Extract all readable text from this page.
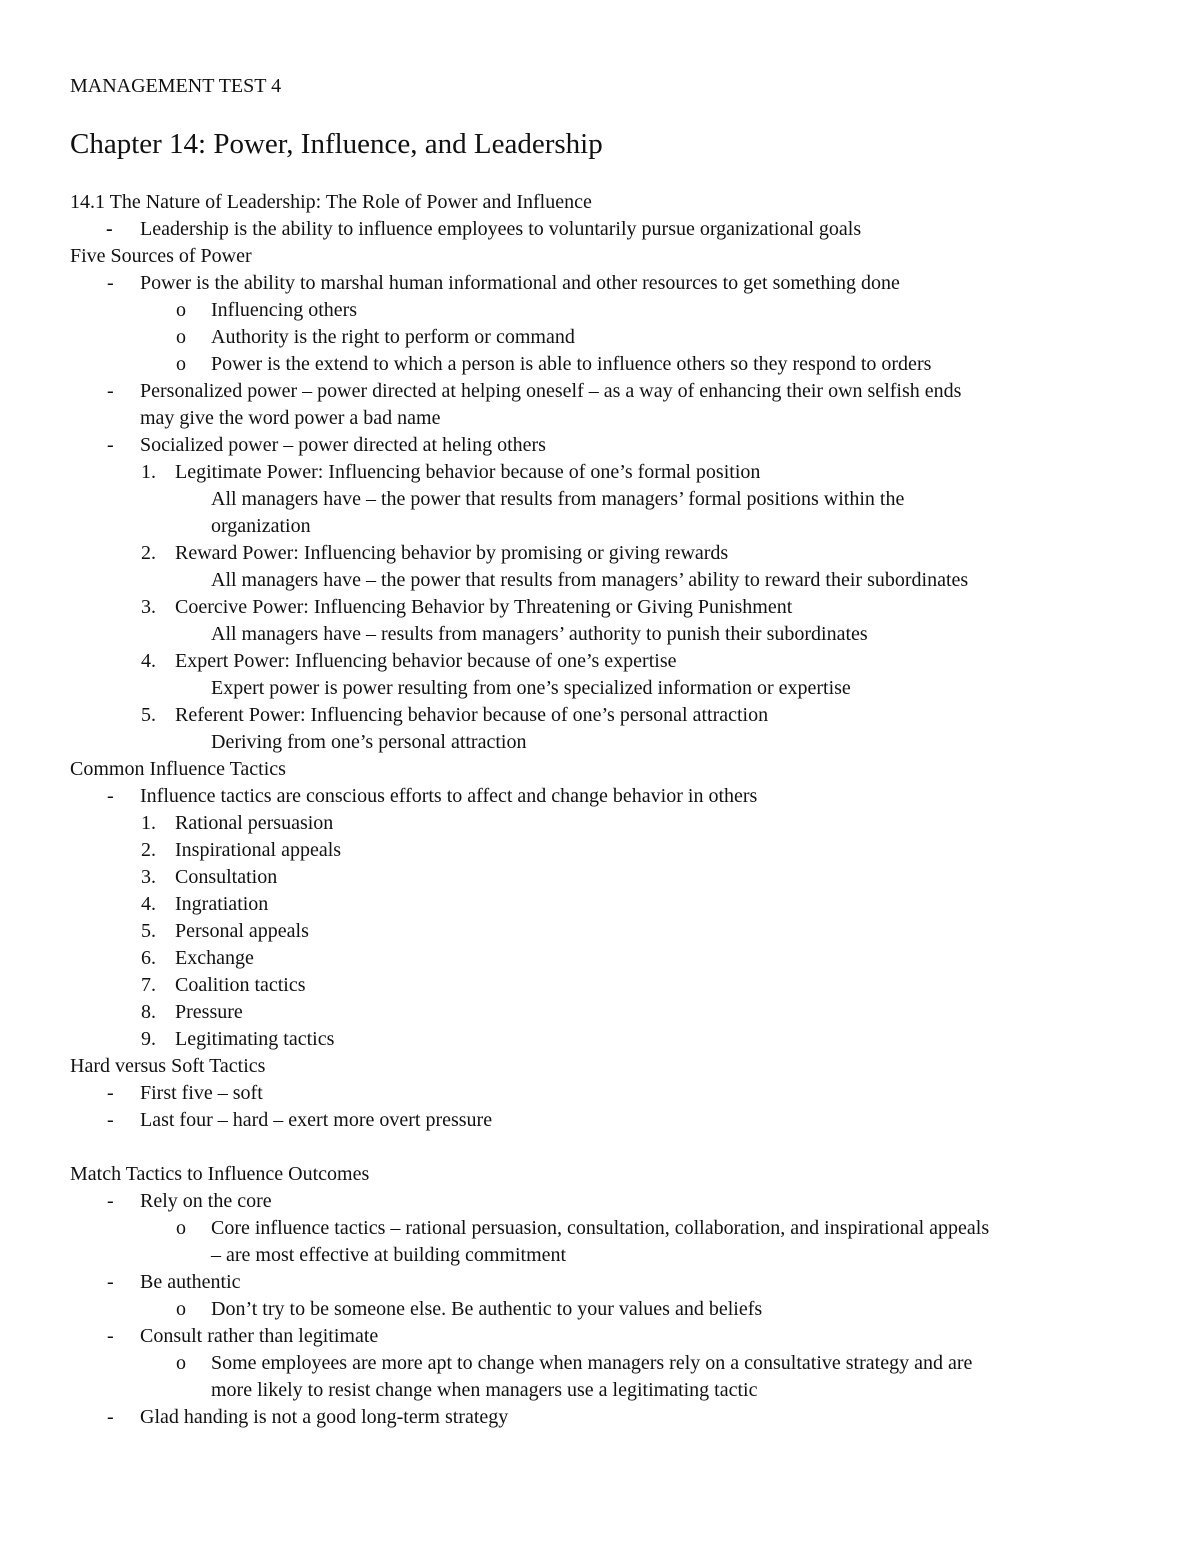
MANAGEMENT TEST 4
Chapter 14: Power, Influence, and Leadership
14.1 The Nature of Leadership: The Role of Power and Influence
- Leadership is the ability to influence employees to voluntarily pursue organizational goals
Five Sources of Power
- Power is the ability to marshal human informational and other resources to get something done
o Influencing others
o Authority is the right to perform or command
o Power is the extend to which a person is able to influence others so they respond to orders
- Personalized power – power directed at helping oneself – as a way of enhancing their own selfish ends
may give the word power a bad name
- Socialized power – power directed at heling others
1. Legitimate Power: Influencing behavior because of one’s formal position
All managers have – the power that results from managers’ formal positions within the
organization
2. Reward Power: Influencing behavior by promising or giving rewards
All managers have – the power that results from managers’ ability to reward their subordinates
3. Coercive Power: Influencing Behavior by Threatening or Giving Punishment
All managers have – results from managers’ authority to punish their subordinates
4. Expert Power: Influencing behavior because of one’s expertise
Expert power is power resulting from one’s specialized information or expertise
5. Referent Power: Influencing behavior because of one’s personal attraction
Deriving from one’s personal attraction
Common Influence Tactics
- Influence tactics are conscious efforts to affect and change behavior in others
1. Rational persuasion
2. Inspirational appeals
3. Consultation
4. Ingratiation
5. Personal appeals
6. Exchange
7. Coalition tactics
8. Pressure
9. Legitimating tactics
Hard versus Soft Tactics
- First five – soft
- Last four – hard – exert more overt pressure
Match Tactics to Influence Outcomes
- Rely on the core
o Core influence tactics – rational persuasion, consultation, collaboration, and inspirational appeals
– are most effective at building commitment
- Be authentic
o Don’t try to be someone else. Be authentic to your values and beliefs
- Consult rather than legitimate
o Some employees are more apt to change when managers rely on a consultative strategy and are
more likely to resist change when managers use a legitimating tactic
- Glad handing is not a good long-term strategy
